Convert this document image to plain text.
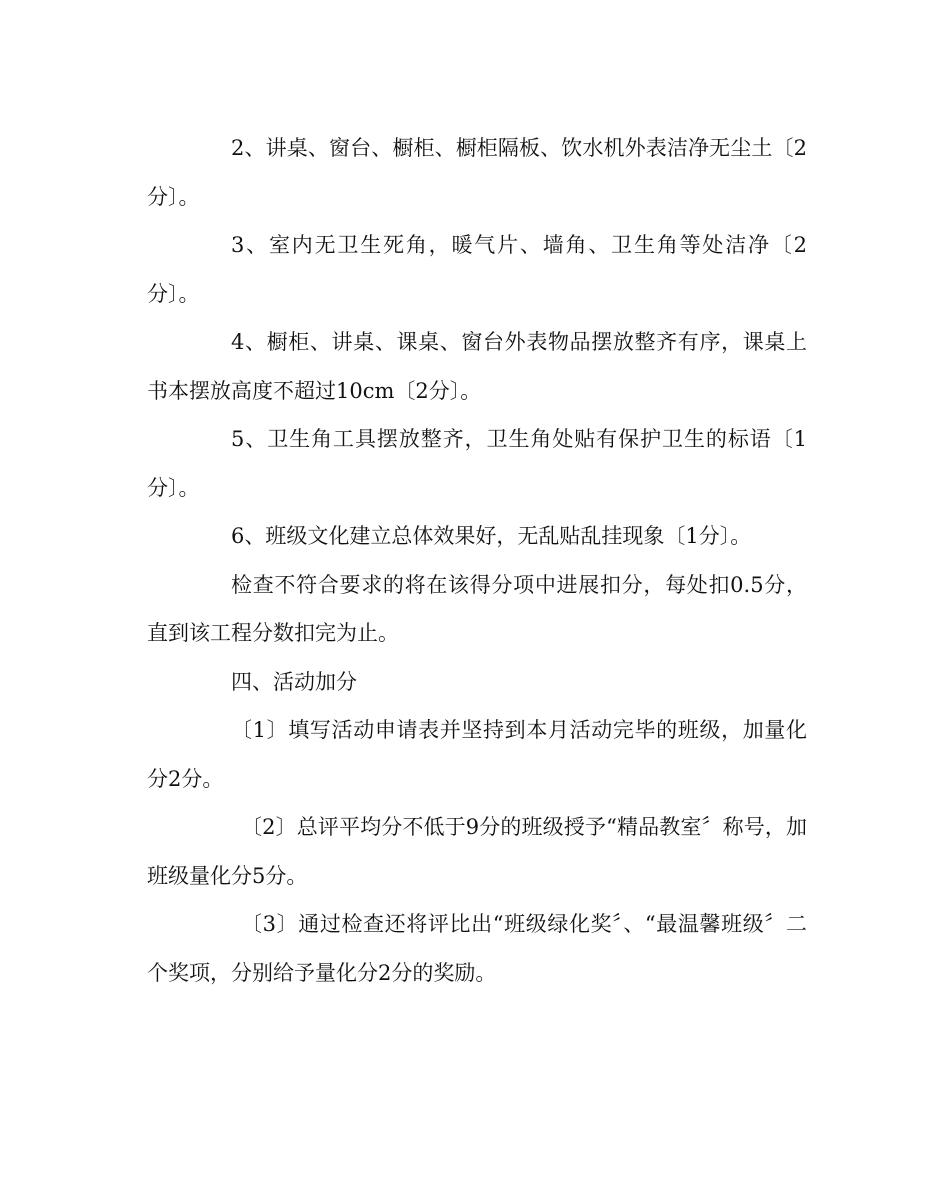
2、讲桌、窗台、橱柜、橱柜隔板、饮水机外表洁净无尘土〔2分〕。

3、室内无卫生死角，暖气片、墙角、卫生角等处洁净〔2分〕。

4、橱柜、讲桌、课桌、窗台外表物品摆放整齐有序，课桌上书本摆放高度不超过10cm〔2分〕。

5、卫生角工具摆放整齐，卫生角处贴有保护卫生的标语〔1分〕。

6、班级文化建立总体效果好，无乱贴乱挂现象〔1分〕。

检查不符合要求的将在该得分项中进展扣分，每处扣0.5分，直到该工程分数扣完为止。

四、活动加分

〔1〕填写活动申请表并坚持到本月活动完毕的班级，加量化分2分。

〔2〕总评平均分不低于9分的班级授予“精品教室〞称号，加班级量化分5分。

〔3〕通过检查还将评比出“班级绿化奖〞、“最温馨班级〞二个奖项，分别给予量化分2分的奖励。
